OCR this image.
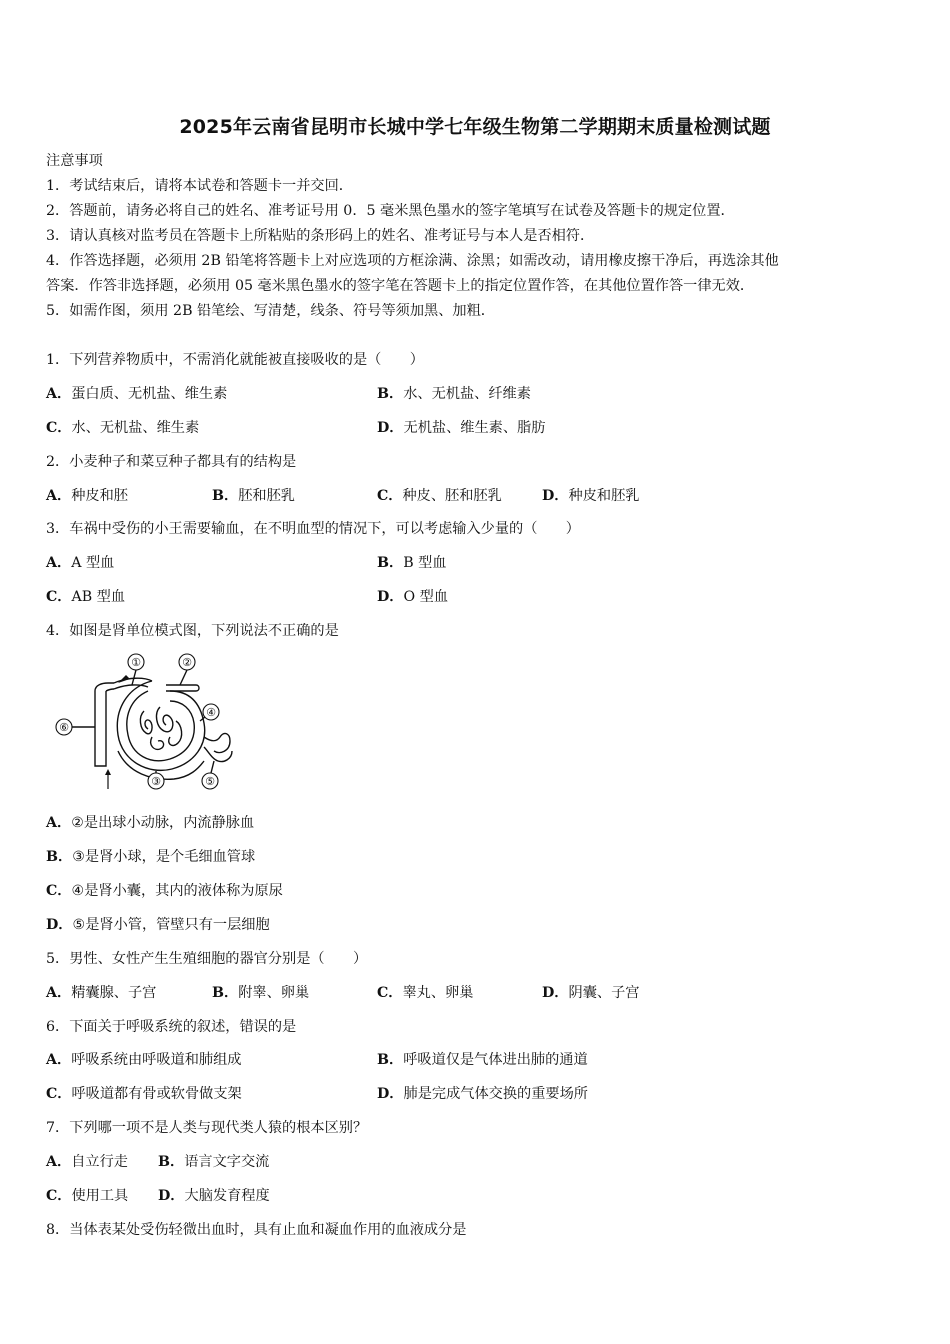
2025年云南省昆明市长城中学七年级生物第二学期期末质量检测试题
注意事项
1．考试结束后，请将本试卷和答题卡一并交回．
2．答题前，请务必将自己的姓名、准考证号用 0．5 毫米黑色墨水的签字笔填写在试卷及答题卡的规定位置．
3．请认真核对监考员在答题卡上所粘贴的条形码上的姓名、准考证号与本人是否相符．
4．作答选择题，必须用 2B 铅笔将答题卡上对应选项的方框涂满、涂黑；如需改动，请用橡皮擦干净后，再选涂其他
答案．作答非选择题，必须用 05 毫米黑色墨水的签字笔在答题卡上的指定位置作答，在其他位置作答一律无效．
5．如需作图，须用 2B 铅笔绘、写清楚，线条、符号等须加黑、加粗．
1．下列营养物质中，不需消化就能被直接吸收的是（　　）
A．蛋白质、无机盐、维生素	B．水、无机盐、纤维素
C．水、无机盐、维生素	D．无机盐、维生素、脂肪
2．小麦种子和菜豆种子都具有的结构是
A．种皮和胚	B．胚和胚乳	C．种皮、胚和胚乳	D．种皮和胚乳
3．车祸中受伤的小王需要输血，在不明血型的情况下，可以考虑输入少量的（　　）
A．A 型血	B．B 型血
C．AB 型血	D．O 型血
4．如图是肾单位模式图，下列说法不正确的是
①	②
③
④
⑤
⑥
A．②是出球小动脉，内流静脉血
B．③是肾小球，是个毛细血管球
C．④是肾小囊，其内的液体称为原尿
D．⑤是肾小管，管壁只有一层细胞
5．男性、女性产生生殖细胞的器官分别是（　　）
A．精囊腺、子宫	B．附睾、卵巢	C．睾丸、卵巢	D．阴囊、子宫
6．下面关于呼吸系统的叙述，错误的是
A．呼吸系统由呼吸道和肺组成	B．呼吸道仅是气体进出肺的通道
C．呼吸道都有骨或软骨做支架	D．肺是完成气体交换的重要场所
7．下列哪一项不是人类与现代类人猿的根本区别？
A．自立行走 B．语言文字交流
C．使用工具 D．大脑发育程度
8．当体表某处受伤轻微出血时，具有止血和凝血作用的血液成分是
